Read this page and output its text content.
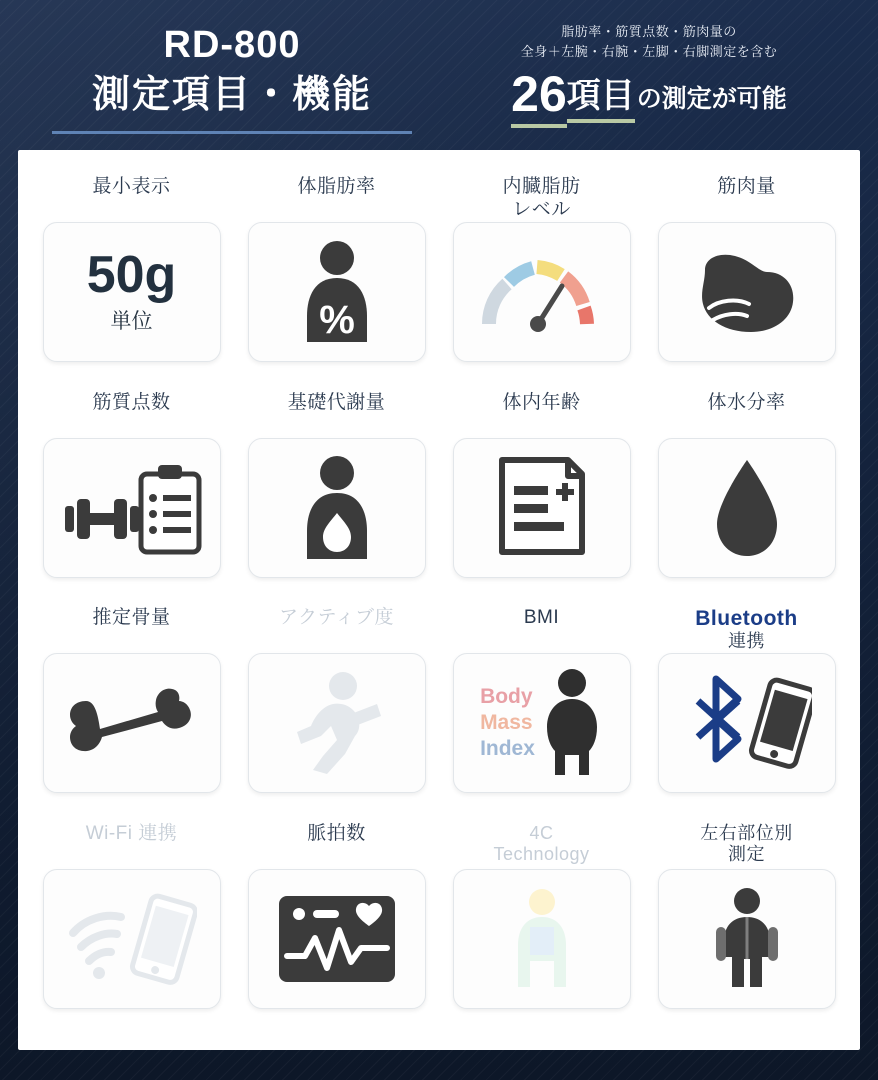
RD-800
測定項目・機能
脂肪率・筋質点数・筋肉量の
全身＋左腕・右腕・左脚・右脚測定を含む
26項目の測定が可能
最小表示
50g
単位
体脂肪率
%
内臓脂肪
レベル
筋肉量
筋質点数	基礎代謝量	体内年齢	体水分率
推定骨量	アクティブ度	BMI
Body
Mass
Index
Bluetooth
連携
Wi-Fi 連携	脈拍数	4C
Technology
左右部位別
測定
